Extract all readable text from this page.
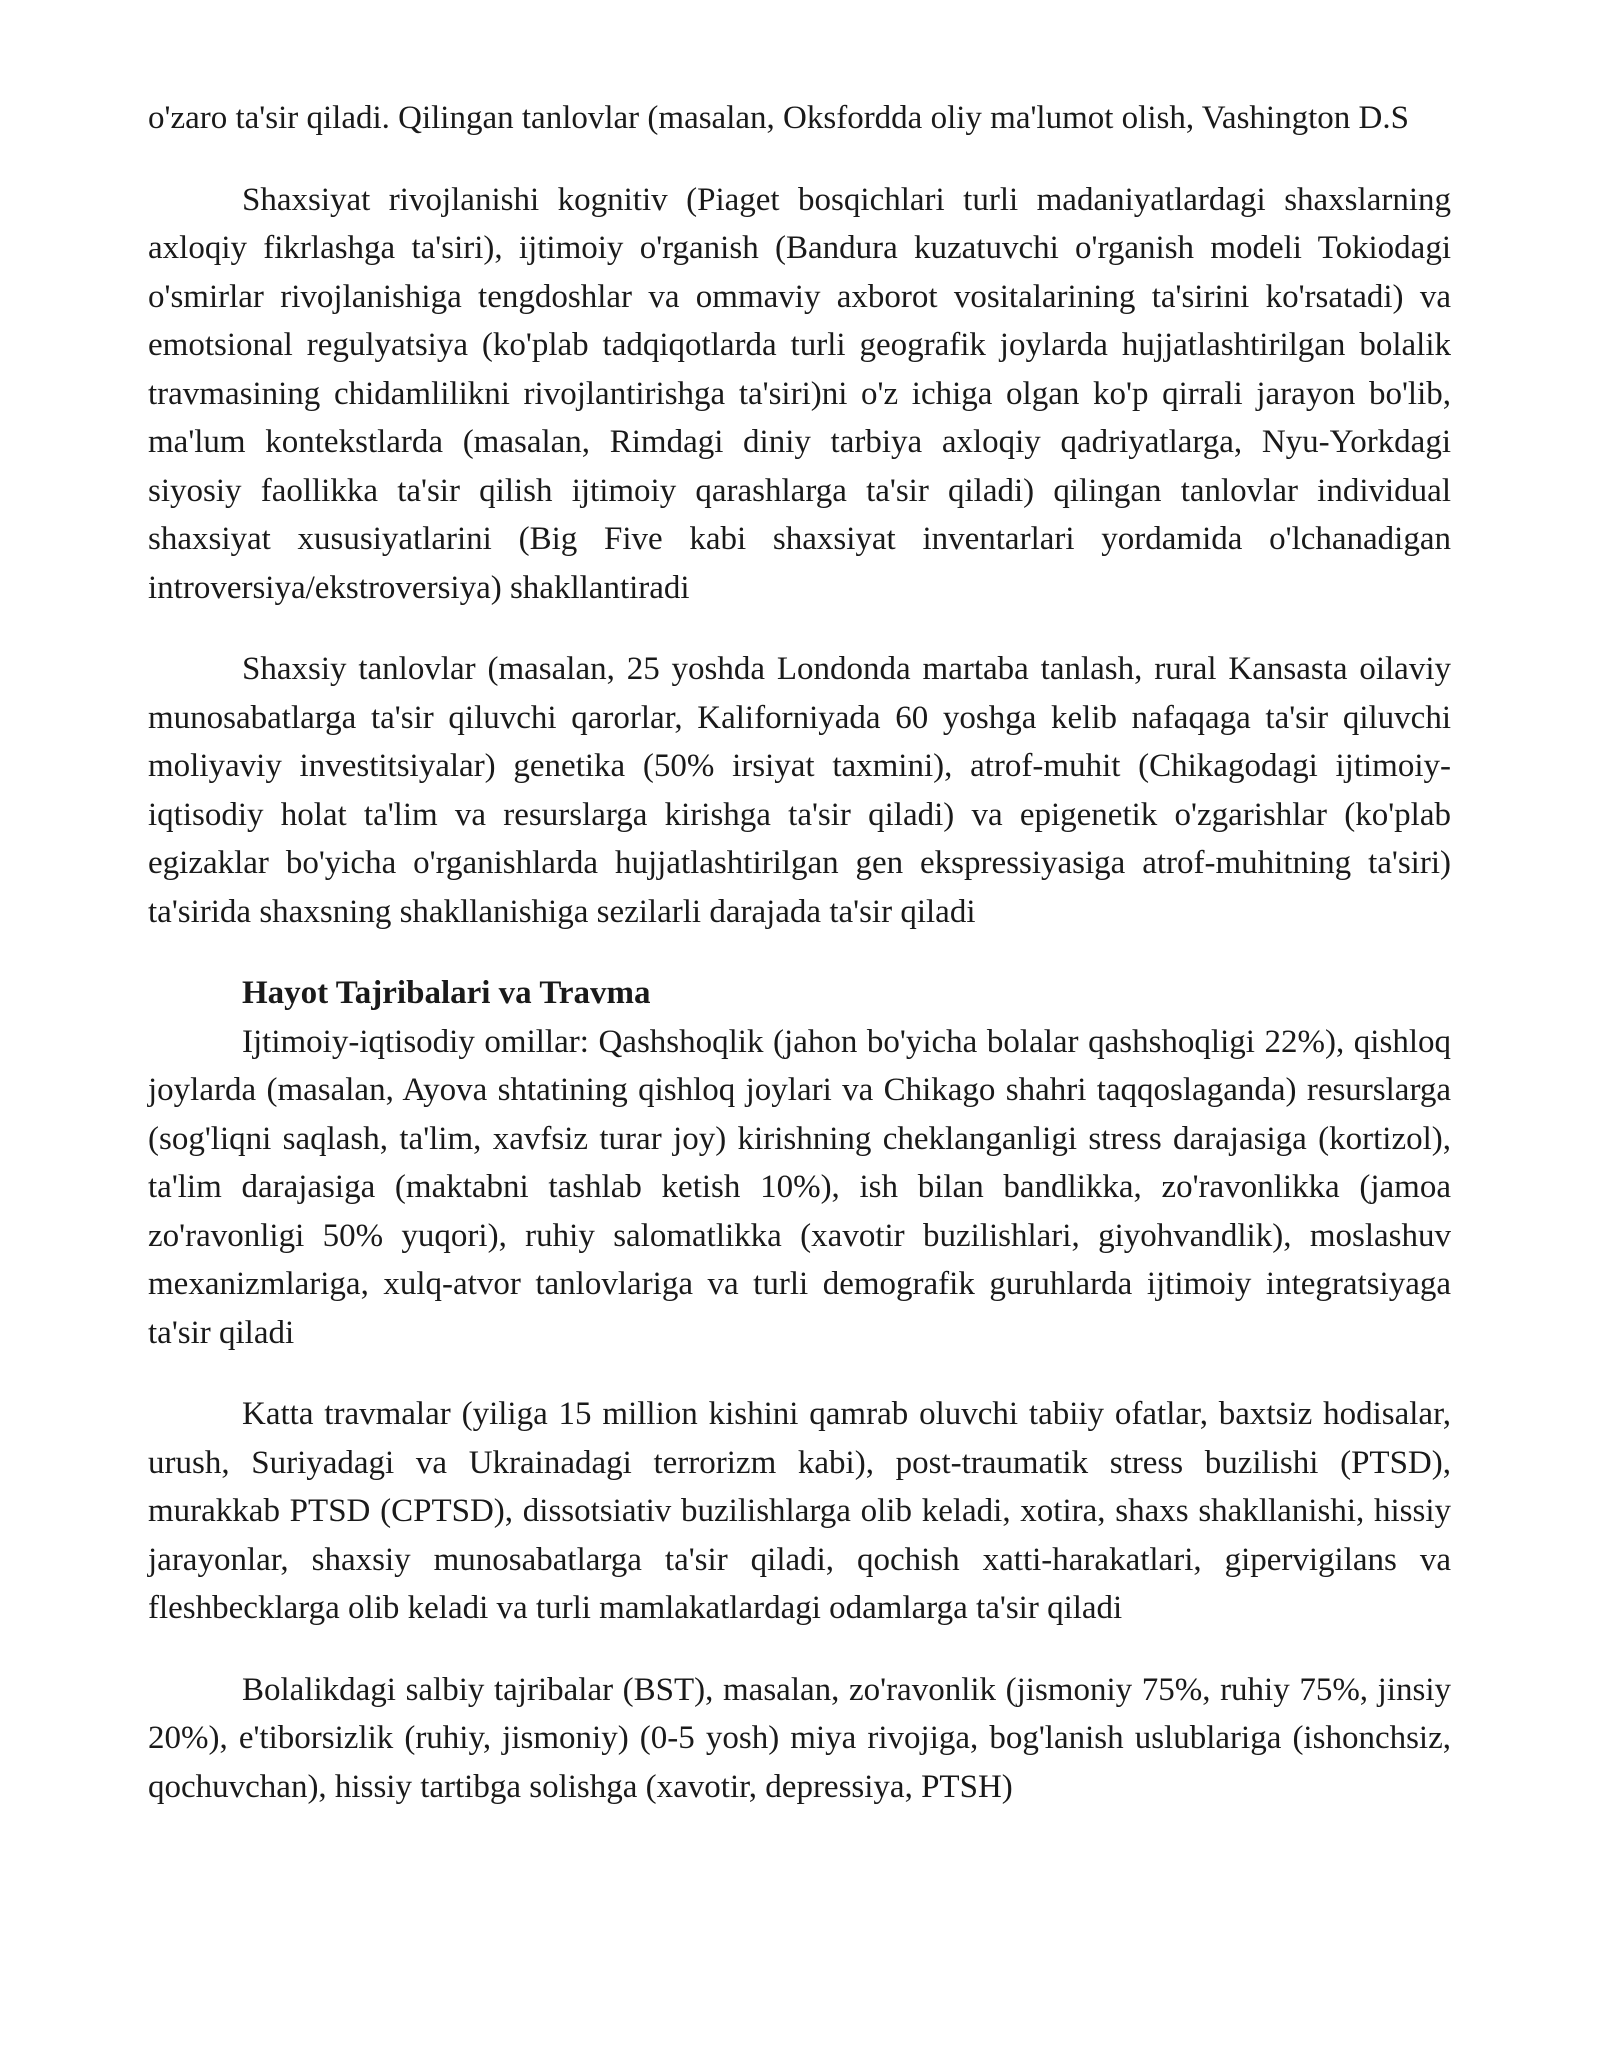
o'zaro ta'sir qiladi. Qilingan tanlovlar (masalan, Oksfordda oliy ma'lumot olish, Vashington D.S

Shaxsiyat rivojlanishi kognitiv (Piaget bosqichlari turli madaniyatlardagi shaxslarning axloqiy fikrlashga ta'siri), ijtimoiy o'rganish (Bandura kuzatuvchi o'rganish modeli Tokiodagi o'smirlar rivojlanishiga tengdoshlar va ommaviy axborot vositalarining ta'sirini ko'rsatadi) va emotsional regulyatsiya (ko'plab tadqiqotlarda turli geografik joylarda hujjatlashtirilgan bolalik travmasining chidamlilikni rivojlantirishga ta'siri)ni o'z ichiga olgan ko'p qirrali jarayon bo'lib, ma'lum kontekstlarda (masalan, Rimdagi diniy tarbiya axloqiy qadriyatlarga, Nyu-Yorkdagi siyosiy faollikka ta'sir qilish ijtimoiy qarashlarga ta'sir qiladi) qilingan tanlovlar individual shaxsiyat xususiyatlarini (Big Five kabi shaxsiyat inventarlari yordamida o'lchanadigan introversiya/ekstroversiya) shakllantiradi

Shaxsiy tanlovlar (masalan, 25 yoshda Londonda martaba tanlash, rural Kansasta oilaviy munosabatlarga ta'sir qiluvchi qarorlar, Kaliforniyada 60 yoshga kelib nafaqaga ta'sir qiluvchi moliyaviy investitsiyalar) genetika (50% irsiyat taxmini), atrof-muhit (Chikagodagi ijtimoiy-iqtisodiy holat ta'lim va resurslarga kirishga ta'sir qiladi) va epigenetik o'zgarishlar (ko'plab egizaklar bo'yicha o'rganishlarda hujjatlashtirilgan gen ekspressiyasiga atrof-muhitning ta'siri) ta'sirida shaxsning shakllanishiga sezilarli darajada ta'sir qiladi

Hayot Tajribalari va Travma

Ijtimoiy-iqtisodiy omillar: Qashshoqlik (jahon bo'yicha bolalar qashshoqligi 22%), qishloq joylarda (masalan, Ayova shtatining qishloq joylari va Chikago shahri taqqoslaganda) resurslarga (sog'liqni saqlash, ta'lim, xavfsiz turar joy) kirishning cheklanganligi stress darajasiga (kortizol), ta'lim darajasiga (maktabni tashlab ketish 10%), ish bilan bandlikka, zo'ravonlikka (jamoa zo'ravonligi 50% yuqori), ruhiy salomatlikka (xavotir buzilishlari, giyohvandlik), moslashuv mexanizmlariga, xulq-atvor tanlovlariga va turli demografik guruhlarda ijtimoiy integratsiyaga ta'sir qiladi

Katta travmalar (yiliga 15 million kishini qamrab oluvchi tabiiy ofatlar, baxtsiz hodisalar, urush, Suriyadagi va Ukrainadagi terrorizm kabi), post-traumatik stress buzilishi (PTSD), murakkab PTSD (CPTSD), dissotsiativ buzilishlarga olib keladi, xotira, shaxs shakllanishi, hissiy jarayonlar, shaxsiy munosabatlarga ta'sir qiladi, qochish xatti-harakatlari, gipervigilans va fleshbecklarga olib keladi va turli mamlakatlardagi odamlarga ta'sir qiladi

Bolalikdagi salbiy tajribalar (BST), masalan, zo'ravonlik (jismoniy 75%, ruhiy 75%, jinsiy 20%), e'tiborsizlik (ruhiy, jismoniy) (0-5 yosh) miya rivojiga, bog'lanish uslublariga (ishonchsiz, qochuvchan), hissiy tartibga solishga (xavotir, depressiya, PTSH)
